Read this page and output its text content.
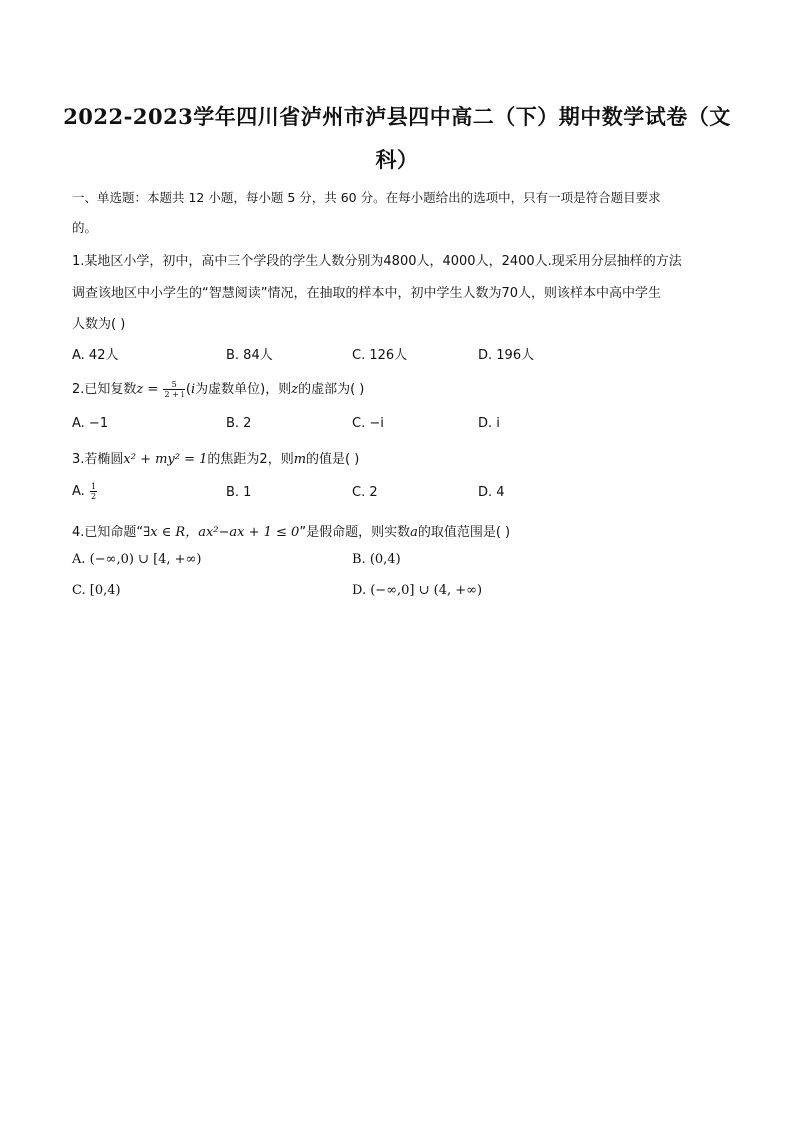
2022-2023学年四川省泸州市泸县四中高二（下）期中数学试卷（文
科）
一、单选题：本题共 12 小题，每小题 5 分，共 60 分。在每小题给出的选项中，只有一项是符合题目要求
的。
1.某地区小学，初中，高中三个学段的学生人数分别为4800人，4000人，2400人.现采用分层抽样的方法
调查该地区中小学生的“智慧阅读”情况，在抽取的样本中，初中学生人数为70人，则该样本中高中学生
人数为( )
A. 42人	B. 84人	C. 126人	D. 196人
2.已知复数$z = \frac{5}{2 + i} (i$为虚数单位)，则z的虚部为( )
A. −1	B. 2	C. −i	D. i
3.若椭圆x² + my² = 1的焦距为2，则m的值是( )
A. $\frac{1}{2}$	B. 1	C. 2	D. 4
4.已知命题“∃x ∈ R，ax²−ax + 1 ≤ 0”是假命题，则实数a的取值范围是( )
A. (−∞,0) ∪ [4, +∞)	B. (0,4)
C. [0,4)	D. (−∞,0] ∪ (4, +∞)
